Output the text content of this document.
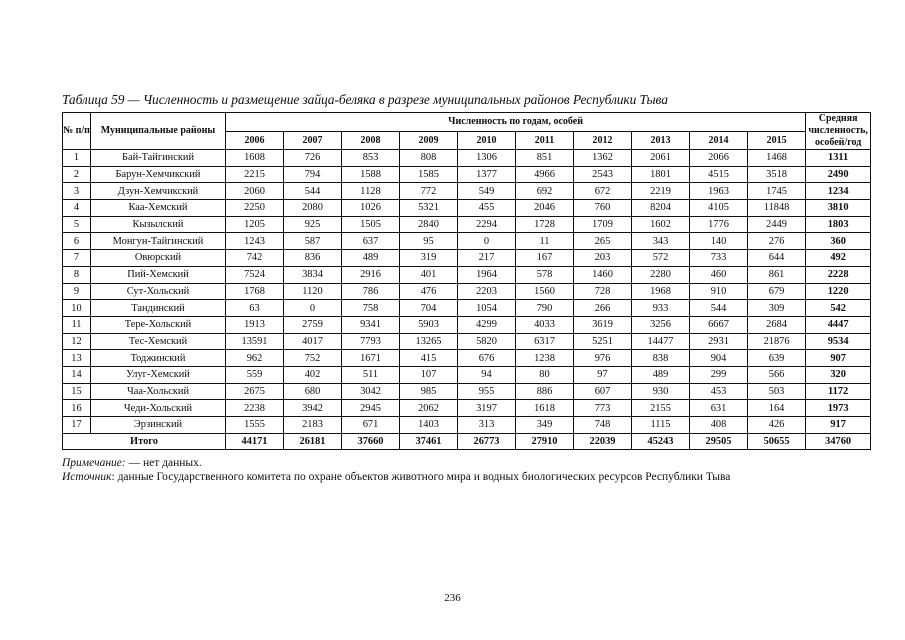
Таблица 59 — Численность и размещение зайца-беляка в разрезе муниципальных районов Республики Тыва
№ п/п	Муниципальные районы	Численность по годам, особей										Средняя численность, особей/год
		2006	2007	2008	2009	2010	2011	2012	2013	2014	2015	
1	Бай-Тайгинский	1608	726	853	808	1306	851	1362	2061	2066	1468	1311
2	Барун-Хемчикский	2215	794	1588	1585	1377	4966	2543	1801	4515	3518	2490
3	Дзун-Хемчикский	2060	544	1128	772	549	692	672	2219	1963	1745	1234
4	Каа-Хемский	2250	2080	1026	5321	455	2046	760	8204	4105	11848	3810
5	Кызылский	1205	925	1505	2840	2294	1728	1709	1602	1776	2449	1803
6	Монгун-Тайгинский	1243	587	637	95	0	11	265	343	140	276	360
7	Овюрский	742	836	489	319	217	167	203	572	733	644	492
8	Пий-Хемский	7524	3834	2916	401	1964	578	1460	2280	460	861	2228
9	Сут-Хольский	1768	1120	786	476	2203	1560	728	1968	910	679	1220
10	Тандинский	63	0	758	704	1054	790	266	933	544	309	542
11	Тере-Хольский	1913	2759	9341	5903	4299	4033	3619	3256	6667	2684	4447
12	Тес-Хемский	13591	4017	7793	13265	5820	6317	5251	14477	2931	21876	9534
13	Тоджинский	962	752	1671	415	676	1238	976	838	904	639	907
14	Улуг-Хемский	559	402	511	107	94	80	97	489	299	566	320
15	Чаа-Хольский	2675	680	3042	985	955	886	607	930	453	503	1172
16	Чеди-Хольский	2238	3942	2945	2062	3197	1618	773	2155	631	164	1973
17	Эрзинский	1555	2183	671	1403	313	349	748	1115	408	426	917
Итого		44171	26181	37660	37461	26773	27910	22039	45243	29505	50655	34760
Примечание: — нет данных.
Источник: данные Государственного комитета по охране объектов животного мира и водных биологических ресурсов Республики Тыва
236
